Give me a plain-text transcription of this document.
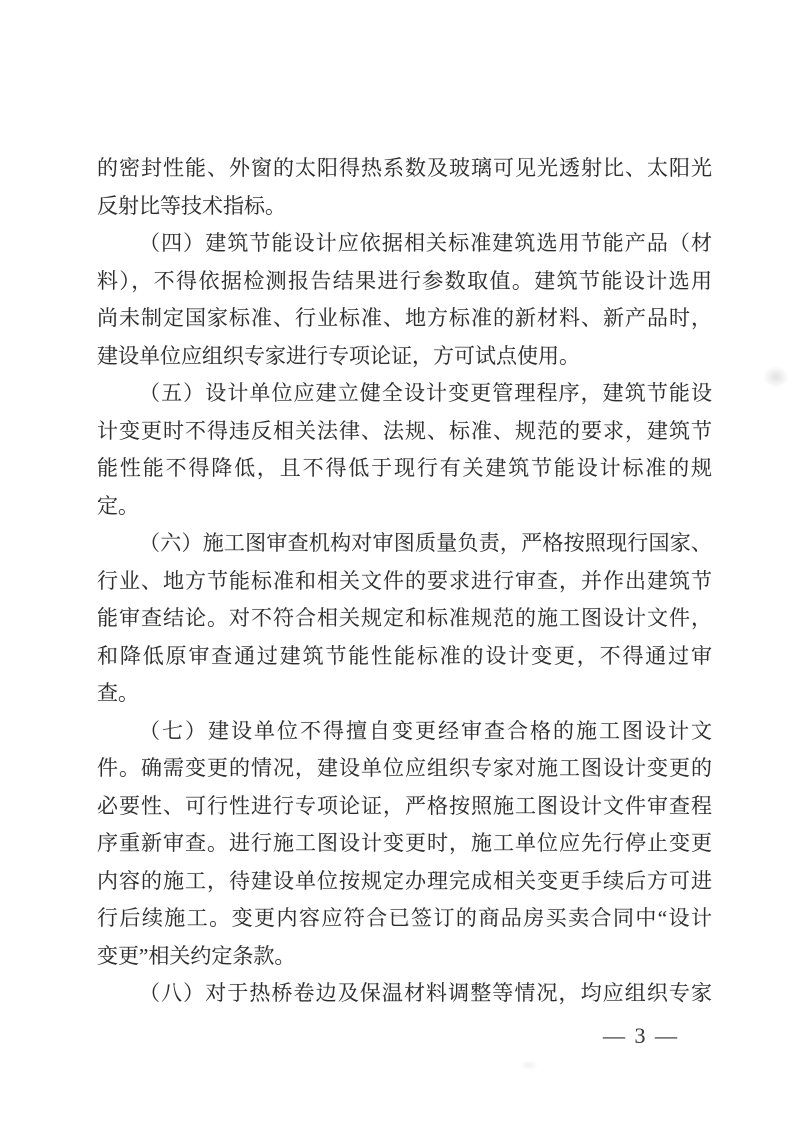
的密封性能、外窗的太阳得热系数及玻璃可见光透射比、太阳光
反射比等技术指标。
（四）建筑节能设计应依据相关标准建筑选用节能产品（材
料），不得依据检测报告结果进行参数取值。建筑节能设计选用
尚未制定国家标准、行业标准、地方标准的新材料、新产品时，
建设单位应组织专家进行专项论证，方可试点使用。
（五）设计单位应建立健全设计变更管理程序，建筑节能设
计变更时不得违反相关法律、法规、标准、规范的要求，建筑节
能性能不得降低，且不得低于现行有关建筑节能设计标准的规
定。
（六）施工图审查机构对审图质量负责，严格按照现行国家、
行业、地方节能标准和相关文件的要求进行审查，并作出建筑节
能审查结论。对不符合相关规定和标准规范的施工图设计文件，
和降低原审查通过建筑节能性能标准的设计变更，不得通过审
查。
（七）建设单位不得擅自变更经审查合格的施工图设计文
件。确需变更的情况，建设单位应组织专家对施工图设计变更的
必要性、可行性进行专项论证，严格按照施工图设计文件审查程
序重新审查。进行施工图设计变更时，施工单位应先行停止变更
内容的施工，待建设单位按规定办理完成相关变更手续后方可进
行后续施工。变更内容应符合已签订的商品房买卖合同中“设计
变更”相关约定条款。
（八）对于热桥卷边及保温材料调整等情况，均应组织专家
— 3 —
